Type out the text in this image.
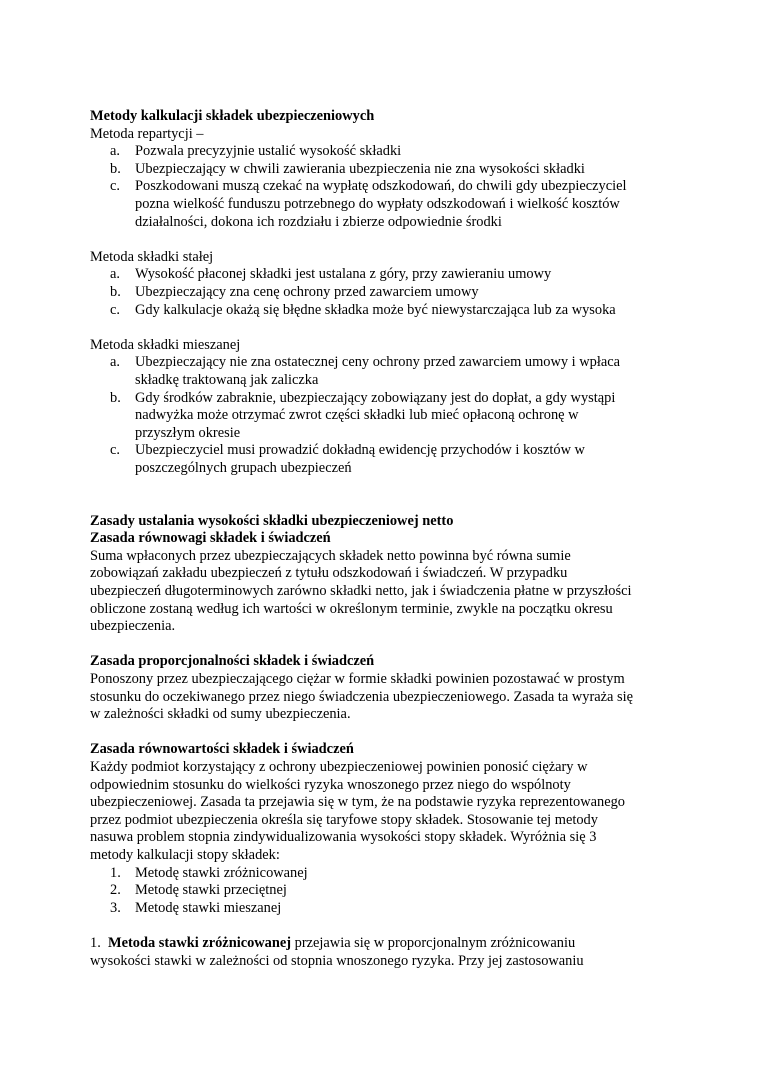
Metody kalkulacji składek ubezpieczeniowych
Metoda repartycji –
a. Pozwala precyzyjnie ustalić wysokość składki
b. Ubezpieczający w chwili zawierania ubezpieczenia nie zna wysokości składki
c. Poszkodowani muszą czekać na wypłatę odszkodowań, do chwili gdy ubezpieczyciel
pozna wielkość funduszu potrzebnego do wypłaty odszkodowań i wielkość kosztów
działalności, dokona ich rozdziału i zbierze odpowiednie środki
Metoda składki stałej
a. Wysokość płaconej składki jest ustalana z góry, przy zawieraniu umowy
b. Ubezpieczający zna cenę ochrony przed zawarciem umowy
c. Gdy kalkulacje okażą się błędne składka może być niewystarczająca lub za wysoka
Metoda składki mieszanej
a. Ubezpieczający nie zna ostatecznej ceny ochrony przed zawarciem umowy i wpłaca
składkę traktowaną jak zaliczka
b. Gdy środków zabraknie, ubezpieczający zobowiązany jest do dopłat, a gdy wystąpi
nadwyżka może otrzymać zwrot części składki lub mieć opłaconą ochronę w
przyszłym okresie
c. Ubezpieczyciel musi prowadzić dokładną ewidencję przychodów i kosztów w
poszczególnych grupach ubezpieczeń
Zasady ustalania wysokości składki ubezpieczeniowej netto
Zasada równowagi składek i świadczeń
Suma wpłaconych przez ubezpieczających składek netto powinna być równa sumie
zobowiązań zakładu ubezpieczeń z tytułu odszkodowań i świadczeń. W przypadku
ubezpieczeń długoterminowych zarówno składki netto, jak i świadczenia płatne w przyszłości
obliczone zostaną według ich wartości w określonym terminie, zwykle na początku okresu
ubezpieczenia.
Zasada proporcjonalności składek i świadczeń
Ponoszony przez ubezpieczającego ciężar w formie składki powinien pozostawać w prostym
stosunku do oczekiwanego przez niego świadczenia ubezpieczeniowego. Zasada ta wyraża się
w zależności składki od sumy ubezpieczenia.
Zasada równowartości składek i świadczeń
Każdy podmiot korzystający z ochrony ubezpieczeniowej powinien ponosić ciężary w
odpowiednim stosunku do wielkości ryzyka wnoszonego przez niego do wspólnoty
ubezpieczeniowej. Zasada ta przejawia się w tym, że na podstawie ryzyka reprezentowanego
przez podmiot ubezpieczenia określa się taryfowe stopy składek. Stosowanie tej metody
nasuwa problem stopnia zindywidualizowania wysokości stopy składek. Wyróżnia się 3
metody kalkulacji stopy składek:
1. Metodę stawki zróżnicowanej
2. Metodę stawki przeciętnej
3. Metodę stawki mieszanej
1. Metoda stawki zróżnicowanej przejawia się w proporcjonalnym zróżnicowaniu
wysokości stawki w zależności od stopnia wnoszonego ryzyka. Przy jej zastosowaniu
